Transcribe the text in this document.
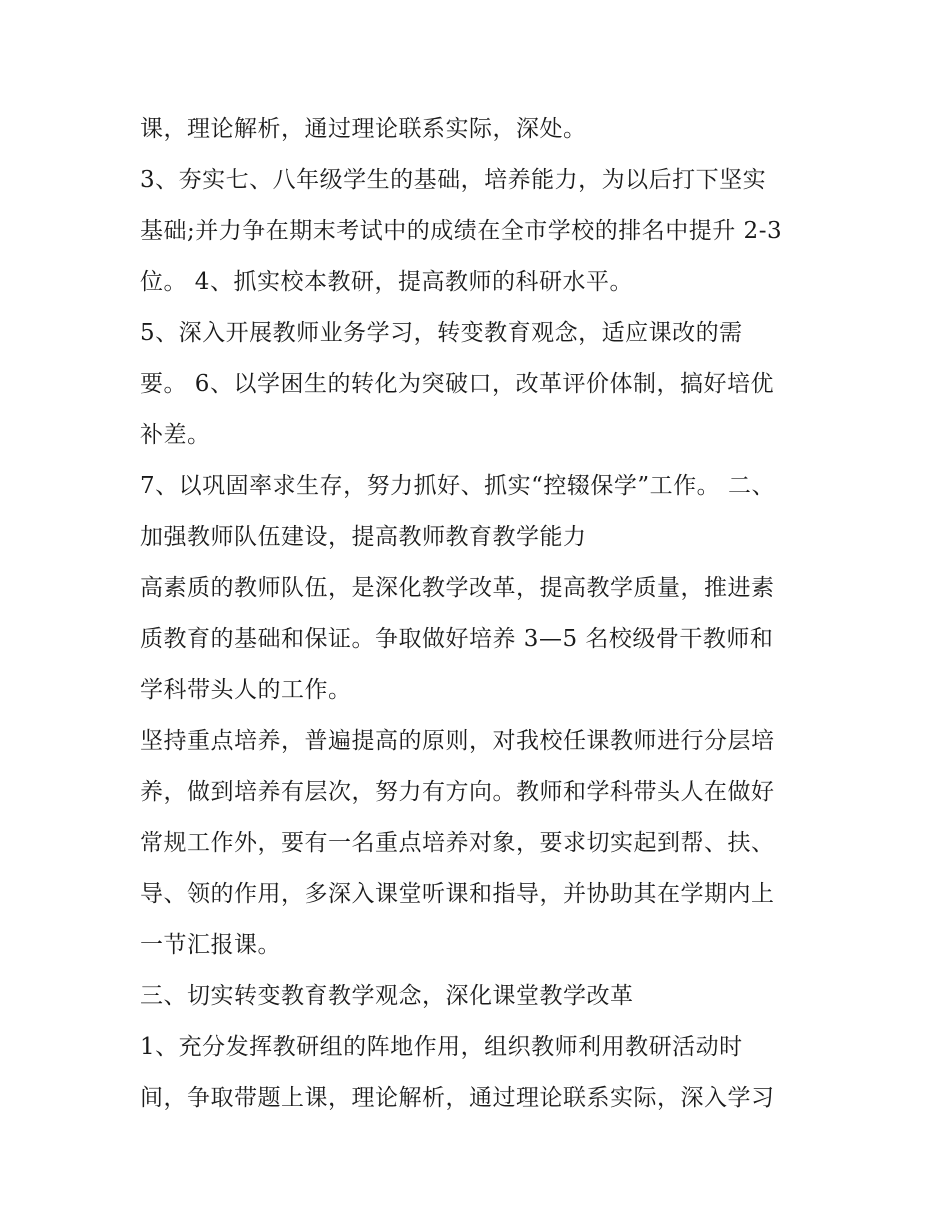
课，理论解析，通过理论联系实际，深处。
3、夯实七、八年级学生的基础，培养能力，为以后打下坚实
基础;并力争在期末考试中的成绩在全市学校的排名中提升 2-3
位。 4、抓实校本教研，提高教师的科研水平。
5、深入开展教师业务学习，转变教育观念，适应课改的需
要。 6、以学困生的转化为突破口，改革评价体制，搞好培优
补差。
7、以巩固率求生存，努力抓好、抓实“控辍保学”工作。 二、
加强教师队伍建设，提高教师教育教学能力
高素质的教师队伍，是深化教学改革，提高教学质量，推进素
质教育的基础和保证。争取做好培养 3—5 名校级骨干教师和
学科带头人的工作。
坚持重点培养，普遍提高的原则，对我校任课教师进行分层培
养，做到培养有层次，努力有方向。教师和学科带头人在做好
常规工作外，要有一名重点培养对象，要求切实起到帮、扶、
导、领的作用，多深入课堂听课和指导，并协助其在学期内上
一节汇报课。
三、切实转变教育教学观念，深化课堂教学改革
1、充分发挥教研组的阵地作用，组织教师利用教研活动时
间，争取带题上课，理论解析，通过理论联系实际，深入学习
